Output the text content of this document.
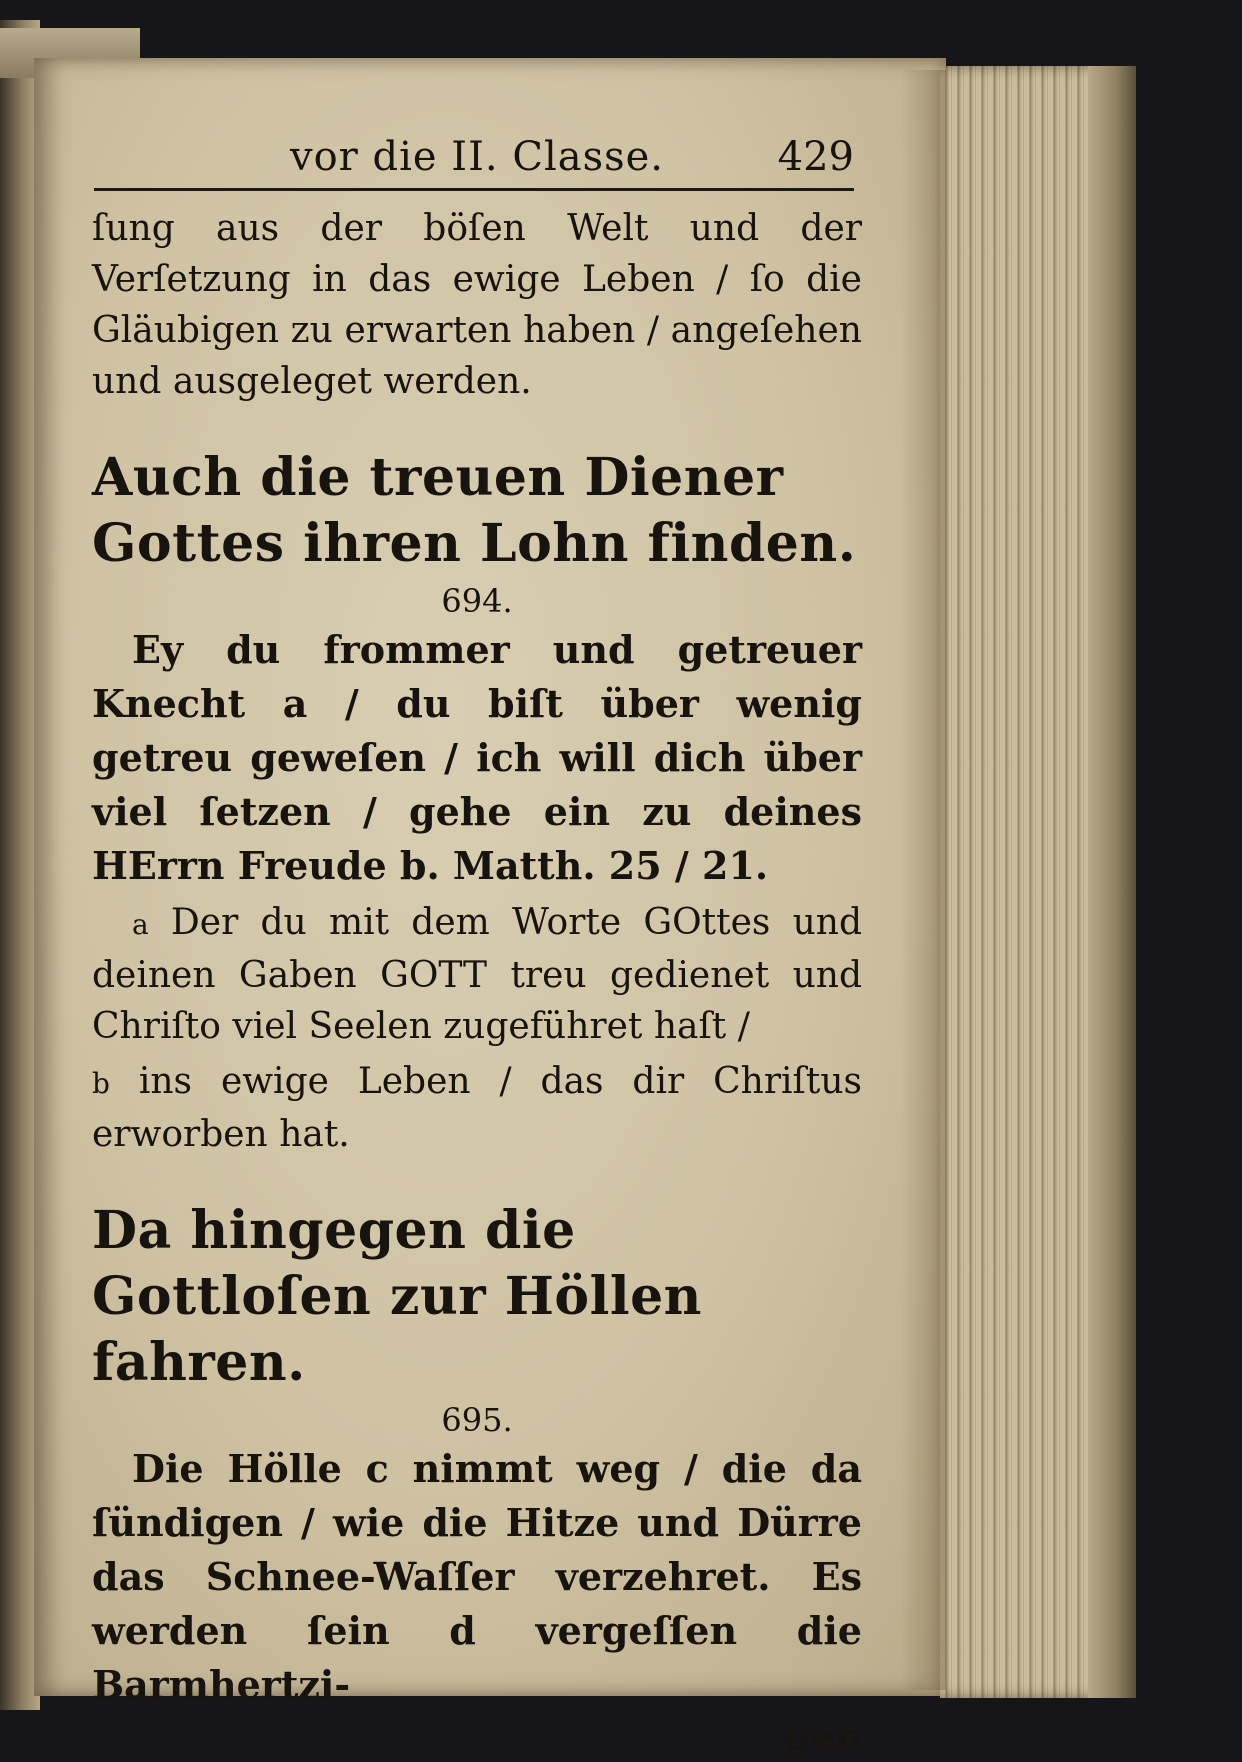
vor die II. Classe.	429

ſung aus der böſen Welt und der Verſetzung in das ewige Leben / ſo die Gläubigen zu erwarten haben / angeſehen und ausgeleget werden.

Auch die treuen Diener Gottes ihren Lohn finden.

694.

Ey du frommer und getreuer Knecht a / du biſt über wenig getreu geweſen / ich will dich über viel ſetzen / gehe ein zu deines HErrn Freude b. Matth. 25 / 21.

a Der du mit dem Worte GOttes und deinen Gaben GOTT treu gedienet und Chriſto viel Seelen zugeführet haſt /

b ins ewige Leben / das dir Chriſtus erworben hat.

Da hingegen die Gottloſen zur Höllen fahren.

695.

Die Hölle c nimmt weg / die da ſündigen / wie die Hitze und Dürre das Schnee-Waſſer verzehret. Es werden ſein d vergeſſen die Barmhertzi-

gen
